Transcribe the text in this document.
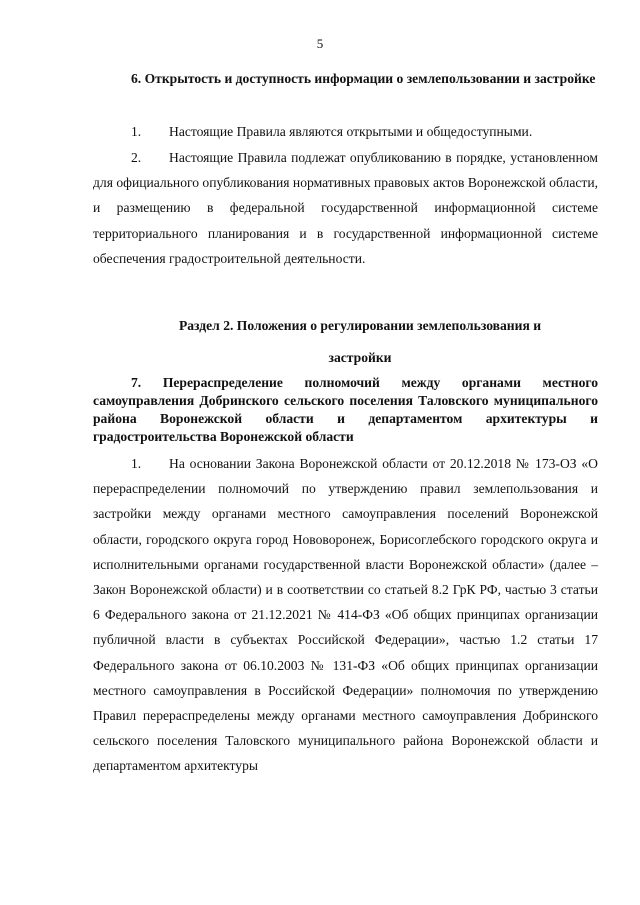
5

6. Открытость и доступность информации о землепользовании и застройке

1. Настоящие Правила являются открытыми и общедоступными.

2. Настоящие Правила подлежат опубликованию в порядке, установленном для официального опубликования нормативных правовых актов Воронежской области, и размещению в федеральной государственной информационной системе территориального планирования и в государственной информационной системе обеспечения градостроительной деятельности.

Раздел 2. Положения о регулировании землепользования и застройки

7. Перераспределение полномочий между органами местного самоуправления Добринского сельского поселения Таловского муниципального района Воронежской области и департаментом архитектуры и градостроительства Воронежской области

1. На основании Закона Воронежской области от 20.12.2018 № 173-ОЗ «О перераспределении полномочий по утверждению правил землепользования и застройки между органами местного самоуправления поселений Воронежской области, городского округа город Нововоронеж, Борисоглебского городского округа и исполнительными органами государственной власти Воронежской области» (далее – Закон Воронежской области) и в соответствии со статьей 8.2 ГрК РФ, частью 3 статьи 6 Федерального закона от 21.12.2021 № 414-ФЗ «Об общих принципах организации публичной власти в субъектах Российской Федерации», частью 1.2 статьи 17 Федерального закона от 06.10.2003 № 131-ФЗ «Об общих принципах организации местного самоуправления в Российской Федерации» полномочия по утверждению Правил перераспределены между органами местного самоуправления Добринского сельского поселения Таловского муниципального района Воронежской области и департаментом архитектуры
